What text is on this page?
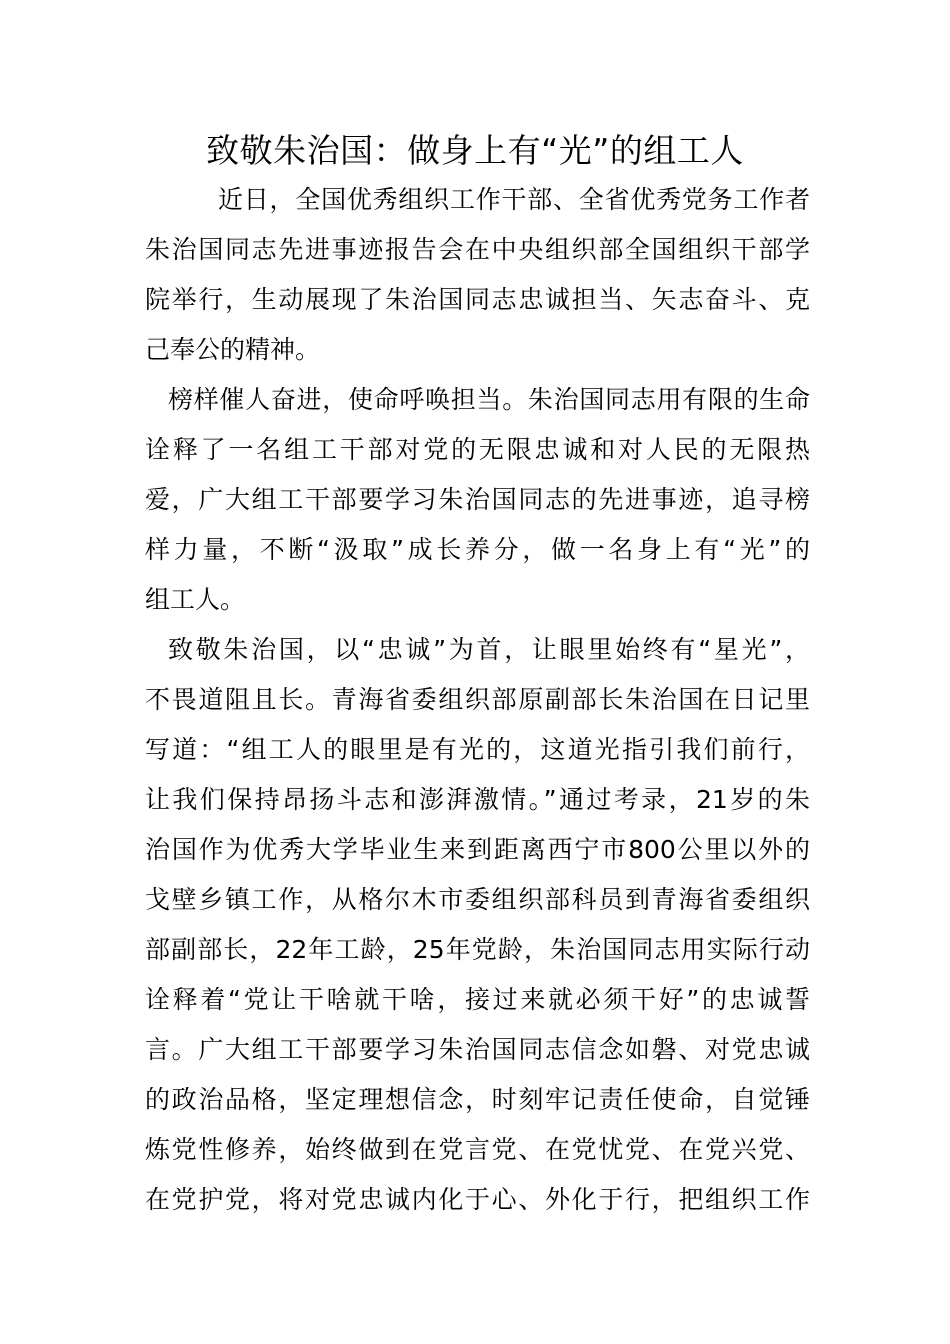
致敬朱治国：做身上有“光”的组工人
近日，全国优秀组织工作干部、全省优秀党务工作者
朱治国同志先进事迹报告会在中央组织部全国组织干部学
院举行，生动展现了朱治国同志忠诚担当、矢志奋斗、克
己奉公的精神。
榜样催人奋进，使命呼唤担当。朱治国同志用有限的生命
诠释了一名组工干部对党的无限忠诚和对人民的无限热
爱，广大组工干部要学习朱治国同志的先进事迹，追寻榜
样力量，不断“汲取”成长养分，做一名身上有“光”的
组工人。
致敬朱治国，以“忠诚”为首，让眼里始终有“星光”，
不畏道阻且长。青海省委组织部原副部长朱治国在日记里
写道：“组工人的眼里是有光的，这道光指引我们前行，
让我们保持昂扬斗志和澎湃激情。”通过考录，21岁的朱
治国作为优秀大学毕业生来到距离西宁市800公里以外的
戈壁乡镇工作，从格尔木市委组织部科员到青海省委组织
部副部长，22年工龄，25年党龄，朱治国同志用实际行动
诠释着“党让干啥就干啥，接过来就必须干好”的忠诚誓
言。广大组工干部要学习朱治国同志信念如磐、对党忠诚
的政治品格，坚定理想信念，时刻牢记责任使命，自觉锤
炼党性修养，始终做到在党言党、在党忧党、在党兴党、
在党护党，将对党忠诚内化于心、外化于行，把组织工作
